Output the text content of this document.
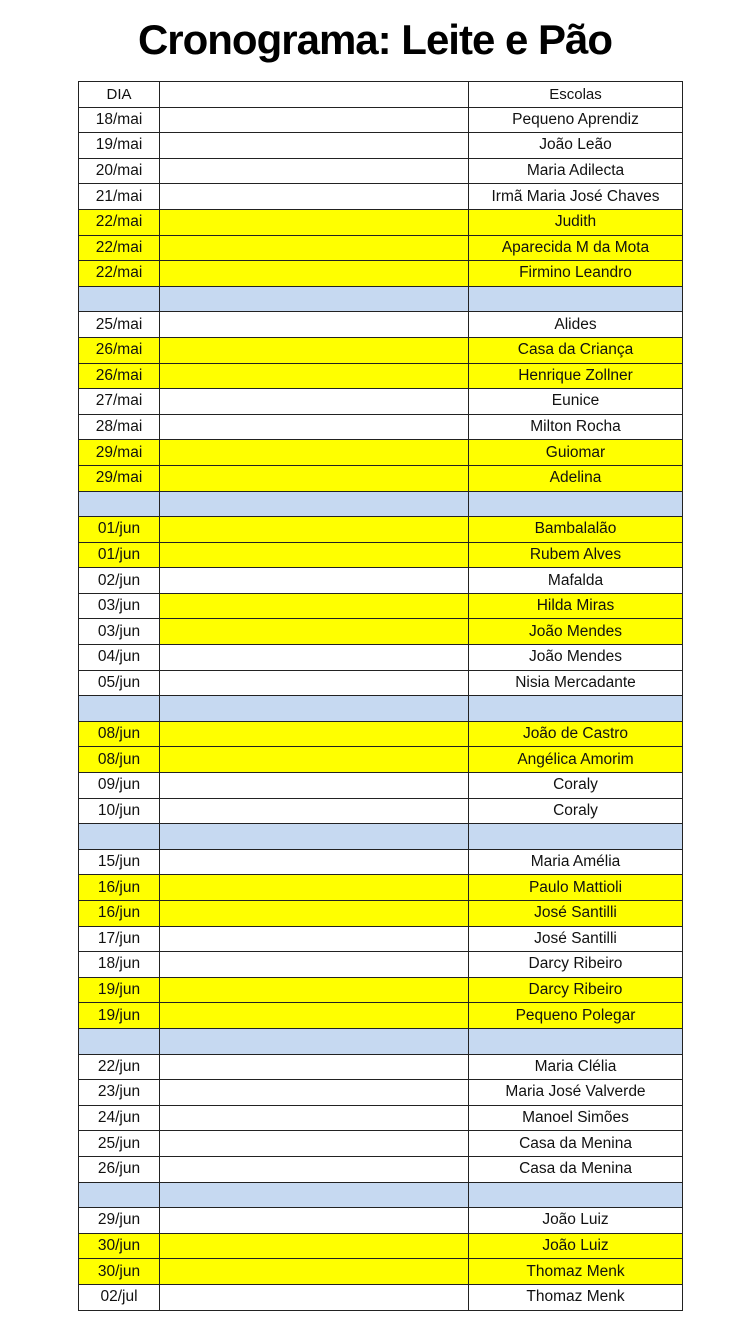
Cronograma: Leite e Pão
DIA		Escolas
18/mai		Pequeno Aprendiz
19/mai		João Leão
20/mai		Maria Adilecta
21/mai		Irmã Maria José Chaves
22/mai		Judith
22/mai		Aparecida M da Mota
22/mai		Firmino Leandro

25/mai		Alides
26/mai		Casa da Criança
26/mai		Henrique Zollner
27/mai		Eunice
28/mai		Milton Rocha
29/mai		Guiomar
29/mai		Adelina

01/jun		Bambalalão
01/jun		Rubem Alves
02/jun		Mafalda
03/jun		Hilda Miras
03/jun		João Mendes
04/jun		João Mendes
05/jun		Nisia Mercadante

08/jun		João de Castro
08/jun		Angélica Amorim
09/jun		Coraly
10/jun		Coraly

15/jun		Maria Amélia
16/jun		Paulo Mattioli
16/jun		José Santilli
17/jun		José Santilli
18/jun		Darcy Ribeiro
19/jun		Darcy Ribeiro
19/jun		Pequeno Polegar

22/jun		Maria Clélia
23/jun		Maria José Valverde
24/jun		Manoel Simões
25/jun		Casa da Menina
26/jun		Casa da Menina

29/jun		João Luiz
30/jun		João Luiz
30/jun		Thomaz Menk
02/jul		Thomaz Menk
